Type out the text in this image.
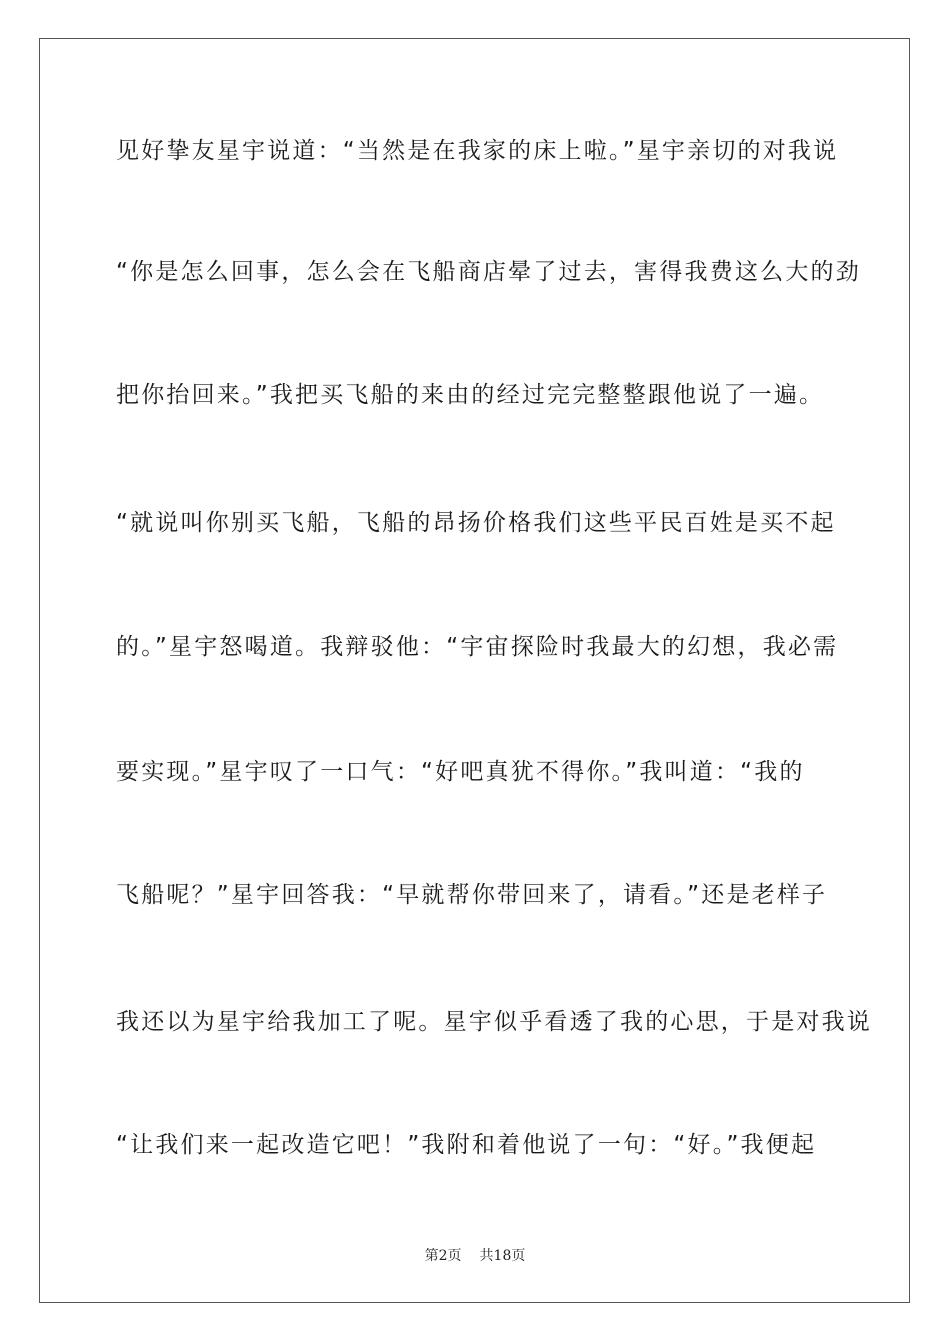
见好挚友星宇说道：“当然是在我家的床上啦。”星宇亲切的对我说
“你是怎么回事，怎么会在飞船商店晕了过去，害得我费这么大的劲
把你抬回来。”我把买飞船的来由的经过完完整整跟他说了一遍。
“就说叫你别买飞船，飞船的昂扬价格我们这些平民百姓是买不起
的。”星宇怒喝道。我辩驳他：“宇宙探险时我最大的幻想，我必需
要实现。”星宇叹了一口气：“好吧真犹不得你。”我叫道：“我的
飞船呢？”星宇回答我：“早就帮你带回来了，请看。”还是老样子
我还以为星宇给我加工了呢。星宇似乎看透了我的心思，于是对我说
“让我们来一起改造它吧！”我附和着他说了一句：“好。”我便起
第2页 共18页
